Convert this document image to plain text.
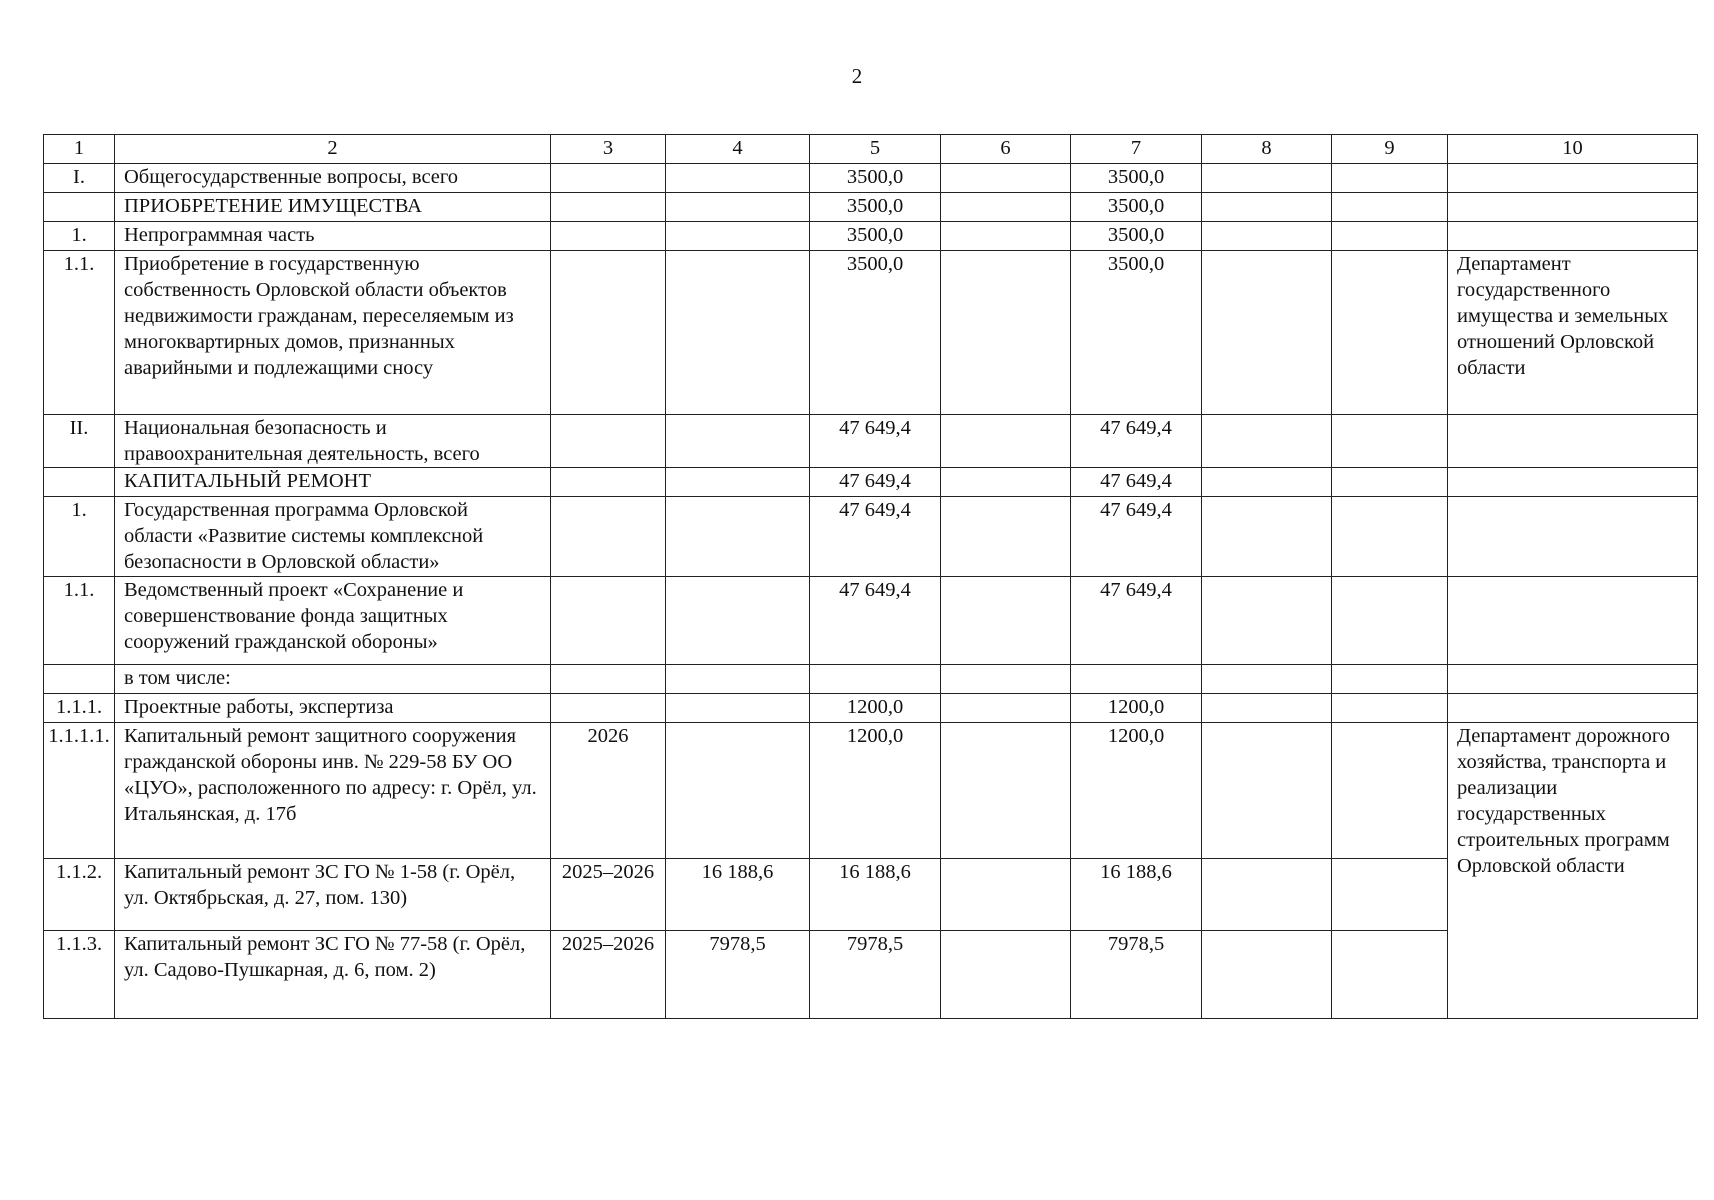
2
1	2	3	4	5	6	7	8	9	10
I.	Общегосударственные вопросы, всего			3500,0		3500,0			
	ПРИОБРЕТЕНИЕ ИМУЩЕСТВА			3500,0		3500,0			
1.	Непрограммная часть			3500,0		3500,0			
1.1.	Приобретение в государственную собственность Орловской области объектов недвижимости гражданам, переселяемым из многоквартирных домов, признанных аварийными и подлежащими сносу			3500,0		3500,0			Департамент государственного имущества и земельных отношений Орловской области
II.	Национальная безопасность и правоохранительная деятельность, всего			47 649,4		47 649,4			
	КАПИТАЛЬНЫЙ РЕМОНТ			47 649,4		47 649,4			
1.	Государственная программа Орловской области «Развитие системы комплексной безопасности в Орловской области»			47 649,4		47 649,4			
1.1.	Ведомственный проект «Сохранение и совершенствование фонда защитных сооружений гражданской обороны»			47 649,4		47 649,4			
	в том числе:								
1.1.1.	Проектные работы, экспертиза			1200,0		1200,0			
1.1.1.1.	Капитальный ремонт защитного сооружения гражданской обороны инв. № 229-58 БУ ОО «ЦУО», расположенного по адресу: г. Орёл, ул. Итальянская, д. 17б	2026		1200,0		1200,0			Департамент дорожного хозяйства, транспорта и реализации государственных строительных программ Орловской области
1.1.2.	Капитальный ремонт ЗС ГО № 1-58 (г. Орёл, ул. Октябрьская, д. 27, пом. 130)	2025–2026	16 188,6	16 188,6		16 188,6			
1.1.3.	Капитальный ремонт ЗС ГО № 77-58 (г. Орёл, ул. Садово-Пушкарная, д. 6, пом. 2)	2025–2026	7978,5	7978,5		7978,5			
